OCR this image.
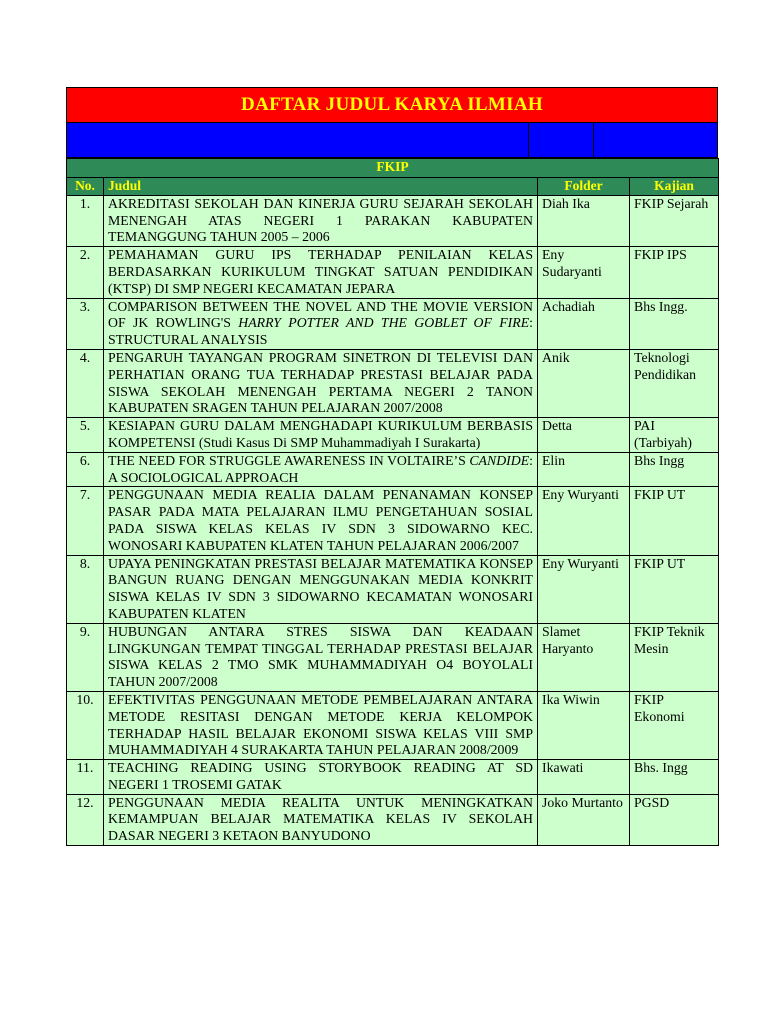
DAFTAR JUDUL KARYA ILMIAH
FKIP			
No.	Judul	Folder	Kajian
1.	AKREDITASI SEKOLAH DAN KINERJA GURU SEJARAH SEKOLAH MENENGAH ATAS NEGERI 1 PARAKAN KABUPATEN TEMANGGUNG TAHUN 2005 – 2006	Diah Ika	FKIP Sejarah
2.	PEMAHAMAN GURU IPS TERHADAP PENILAIAN KELAS BERDASARKAN KURIKULUM TINGKAT SATUAN PENDIDIKAN (KTSP) DI SMP NEGERI KECAMATAN JEPARA	Eny Sudaryanti	FKIP IPS
3.	COMPARISON BETWEEN THE NOVEL AND THE MOVIE VERSION OF JK ROWLING'S HARRY POTTER AND THE GOBLET OF FIRE: STRUCTURAL ANALYSIS	Achadiah	Bhs Ingg.
4.	PENGARUH TAYANGAN PROGRAM SINETRON DI TELEVISI DAN PERHATIAN ORANG TUA TERHADAP PRESTASI BELAJAR PADA SISWA SEKOLAH MENENGAH PERTAMA NEGERI 2 TANON KABUPATEN SRAGEN TAHUN PELAJARAN 2007/2008	Anik	Teknologi Pendidikan
5.	KESIAPAN GURU DALAM MENGHADAPI KURIKULUM BERBASIS KOMPETENSI (Studi Kasus Di SMP Muhammadiyah I Surakarta)	Detta	PAI (Tarbiyah)
6.	THE NEED FOR STRUGGLE AWARENESS IN VOLTAIRE’S CANDIDE: A SOCIOLOGICAL APPROACH	Elin	Bhs Ingg
7.	PENGGUNAAN MEDIA REALIA DALAM PENANAMAN KONSEP PASAR PADA MATA PELAJARAN ILMU PENGETAHUAN SOSIAL PADA SISWA KELAS KELAS IV SDN 3 SIDOWARNO KEC. WONOSARI KABUPATEN KLATEN TAHUN PELAJARAN 2006/2007	Eny Wuryanti	FKIP UT
8.	UPAYA PENINGKATAN PRESTASI BELAJAR MATEMATIKA KONSEP BANGUN RUANG DENGAN MENGGUNAKAN MEDIA KONKRIT SISWA KELAS IV SDN 3 SIDOWARNO KECAMATAN WONOSARI KABUPATEN KLATEN	Eny Wuryanti	FKIP UT
9.	HUBUNGAN ANTARA STRES SISWA DAN KEADAAN LINGKUNGAN TEMPAT TINGGAL TERHADAP PRESTASI BELAJAR SISWA KELAS 2 TMO SMK MUHAMMADIYAH O4 BOYOLALI TAHUN 2007/2008	Slamet Haryanto	FKIP Teknik Mesin
10.	EFEKTIVITAS PENGGUNAAN METODE PEMBELAJARAN ANTARA METODE RESITASI DENGAN METODE KERJA KELOMPOK TERHADAP HASIL BELAJAR EKONOMI SISWA KELAS VIII SMP MUHAMMADIYAH 4 SURAKARTA TAHUN PELAJARAN 2008/2009	Ika Wiwin	FKIP Ekonomi
11.	TEACHING READING USING STORYBOOK READING AT SD NEGERI 1 TROSEMI GATAK	Ikawati	Bhs. Ingg
12.	PENGGUNAAN MEDIA REALITA UNTUK MENINGKATKAN KEMAMPUAN BELAJAR MATEMATIKA KELAS IV SEKOLAH DASAR NEGERI 3 KETAON BANYUDONO	Joko Murtanto	PGSD
